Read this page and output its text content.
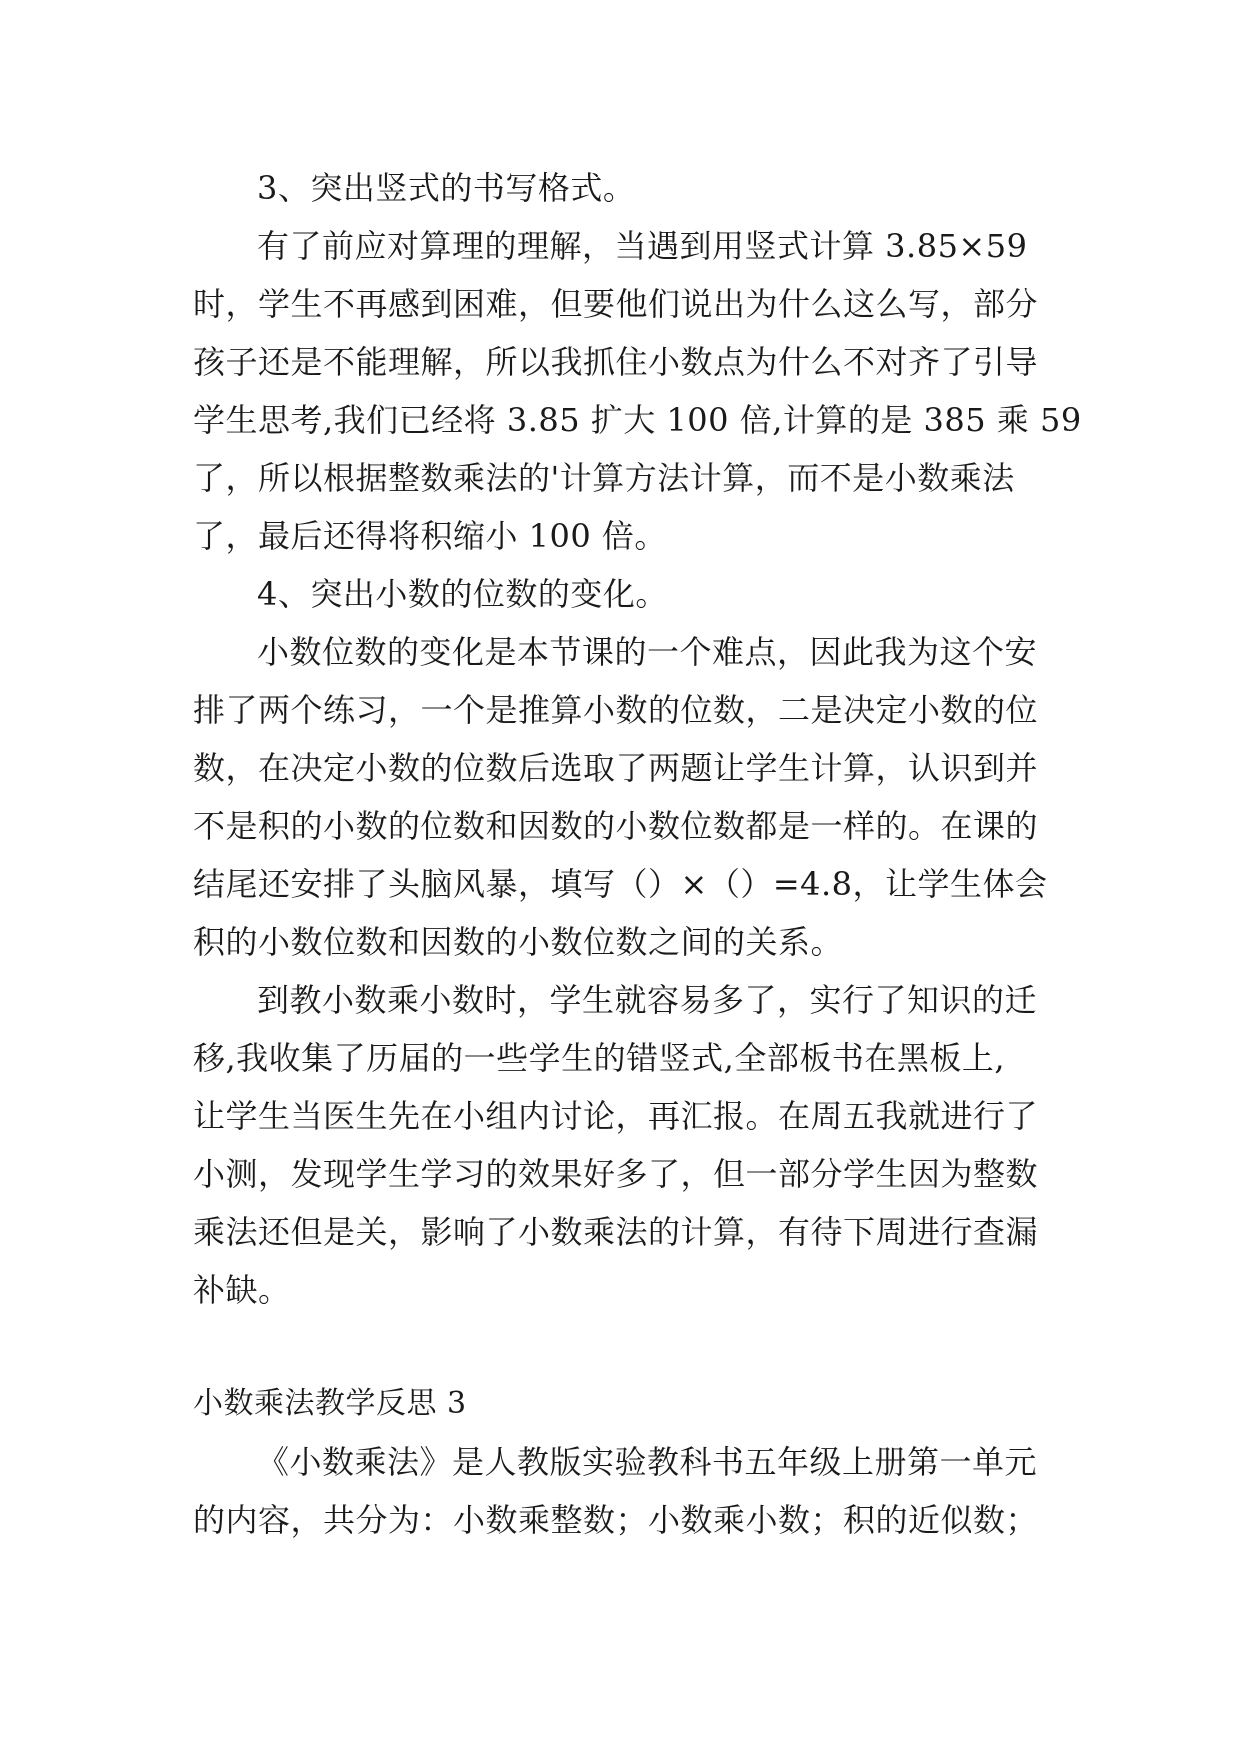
3、突出竖式的书写格式。
有了前应对算理的理解，当遇到用竖式计算 3.85×59
时，学生不再感到困难，但要他们说出为什么这么写，部分
孩子还是不能理解，所以我抓住小数点为什么不对齐了引导
学生思考,我们已经将 3.85 扩大 100 倍,计算的是 385 乘 59
了，所以根据整数乘法的'计算方法计算，而不是小数乘法
了，最后还得将积缩小 100 倍。
4、突出小数的位数的变化。
小数位数的变化是本节课的一个难点，因此我为这个安
排了两个练习，一个是推算小数的位数，二是决定小数的位
数，在决定小数的位数后选取了两题让学生计算，认识到并
不是积的小数的位数和因数的小数位数都是一样的。在课的
结尾还安排了头脑风暴，填写（）×（）=4.8，让学生体会
积的小数位数和因数的小数位数之间的关系。
到教小数乘小数时，学生就容易多了，实行了知识的迁
移,我收集了历届的一些学生的错竖式,全部板书在黑板上,
让学生当医生先在小组内讨论，再汇报。在周五我就进行了
小测，发现学生学习的效果好多了，但一部分学生因为整数
乘法还但是关，影响了小数乘法的计算，有待下周进行查漏
补缺。
小数乘法教学反思 3
《小数乘法》是人教版实验教科书五年级上册第一单元
的内容，共分为：小数乘整数；小数乘小数；积的近似数；
